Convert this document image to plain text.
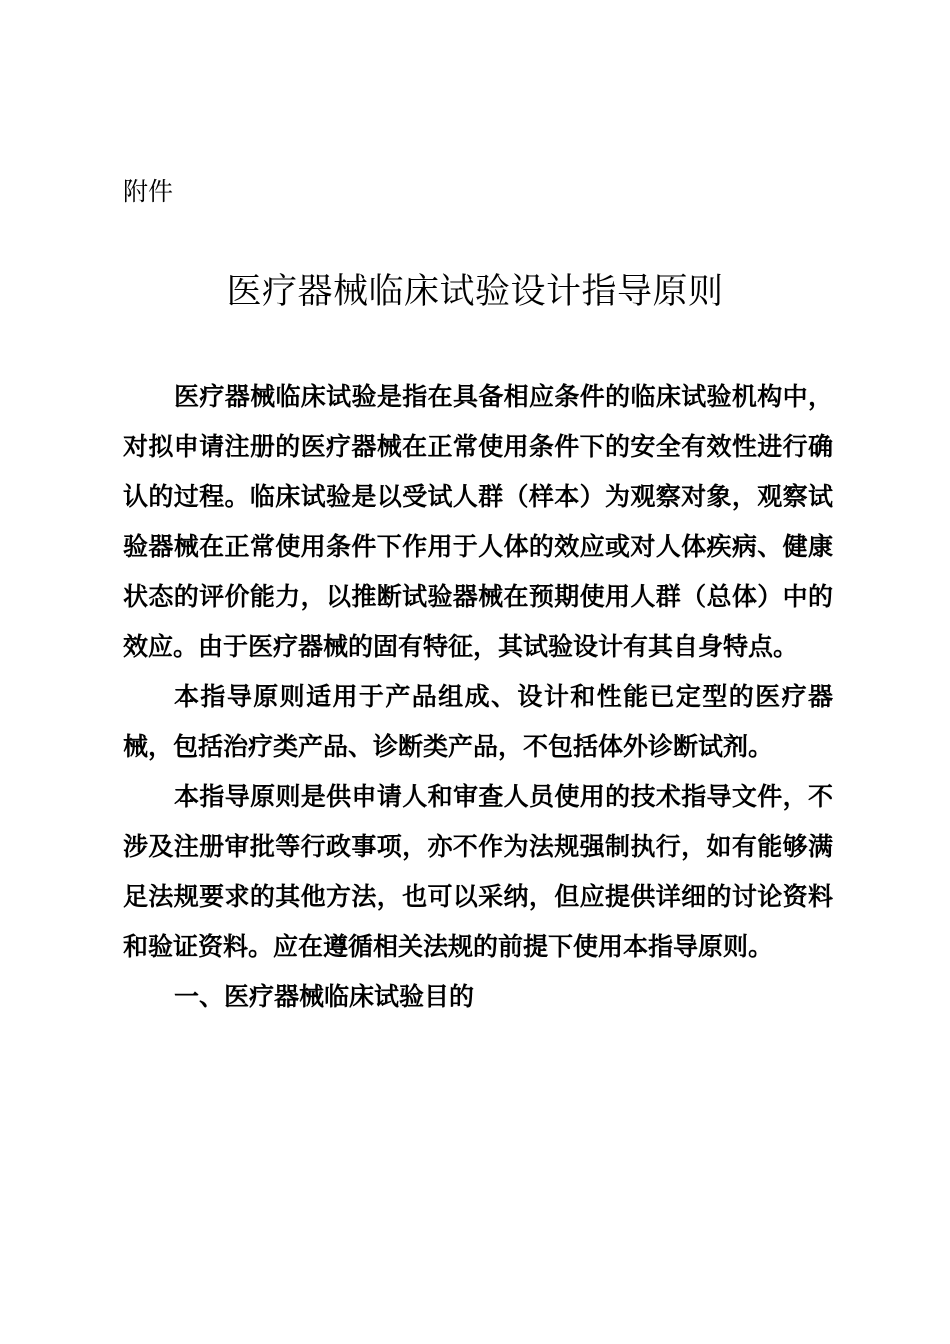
附件
医疗器械临床试验设计指导原则

医疗器械临床试验是指在具备相应条件的临床试验机构中，对拟申请注册的医疗器械在正常使用条件下的安全有效性进行确认的过程。临床试验是以受试人群（样本）为观察对象，观察试验器械在正常使用条件下作用于人体的效应或对人体疾病、健康状态的评价能力，以推断试验器械在预期使用人群（总体）中的效应。由于医疗器械的固有特征，其试验设计有其自身特点。

本指导原则适用于产品组成、设计和性能已定型的医疗器械，包括治疗类产品、诊断类产品，不包括体外诊断试剂。

本指导原则是供申请人和审查人员使用的技术指导文件，不涉及注册审批等行政事项，亦不作为法规强制执行，如有能够满足法规要求的其他方法，也可以采纳，但应提供详细的讨论资料和验证资料。应在遵循相关法规的前提下使用本指导原则。

一、医疗器械临床试验目的
